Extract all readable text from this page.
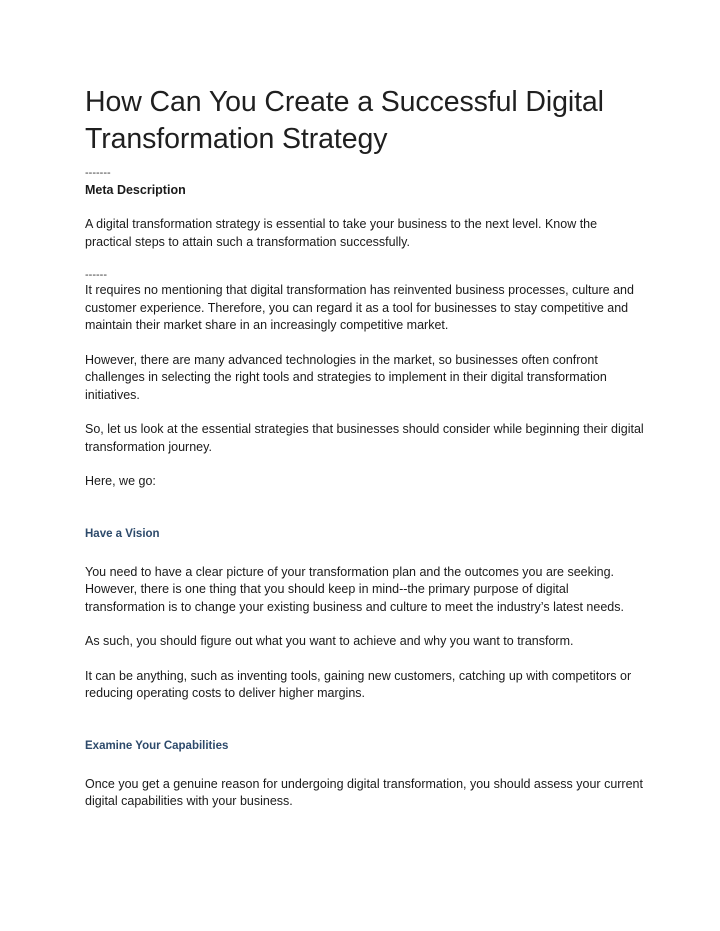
How Can You Create a Successful Digital Transformation Strategy
-------
Meta Description

A digital transformation strategy is essential to take your business to the next level. Know the practical steps to attain such a transformation successfully.

------

It requires no mentioning that digital transformation has reinvented business processes, culture and customer experience. Therefore, you can regard it as a tool for businesses to stay competitive and maintain their market share in an increasingly competitive market.

However, there are many advanced technologies in the market, so businesses often confront challenges in selecting the right tools and strategies to implement in their digital transformation initiatives.

So, let us look at the essential strategies that businesses should consider while beginning their digital transformation journey.

Here, we go:

Have a Vision

You need to have a clear picture of your transformation plan and the outcomes you are seeking. However, there is one thing that you should keep in mind--the primary purpose of digital transformation is to change your existing business and culture to meet the industry’s latest needs.

As such, you should figure out what you want to achieve and why you want to transform.

It can be anything, such as inventing tools, gaining new customers, catching up with competitors or reducing operating costs to deliver higher margins.

Examine Your Capabilities

Once you get a genuine reason for undergoing digital transformation, you should assess your current digital capabilities with your business.
